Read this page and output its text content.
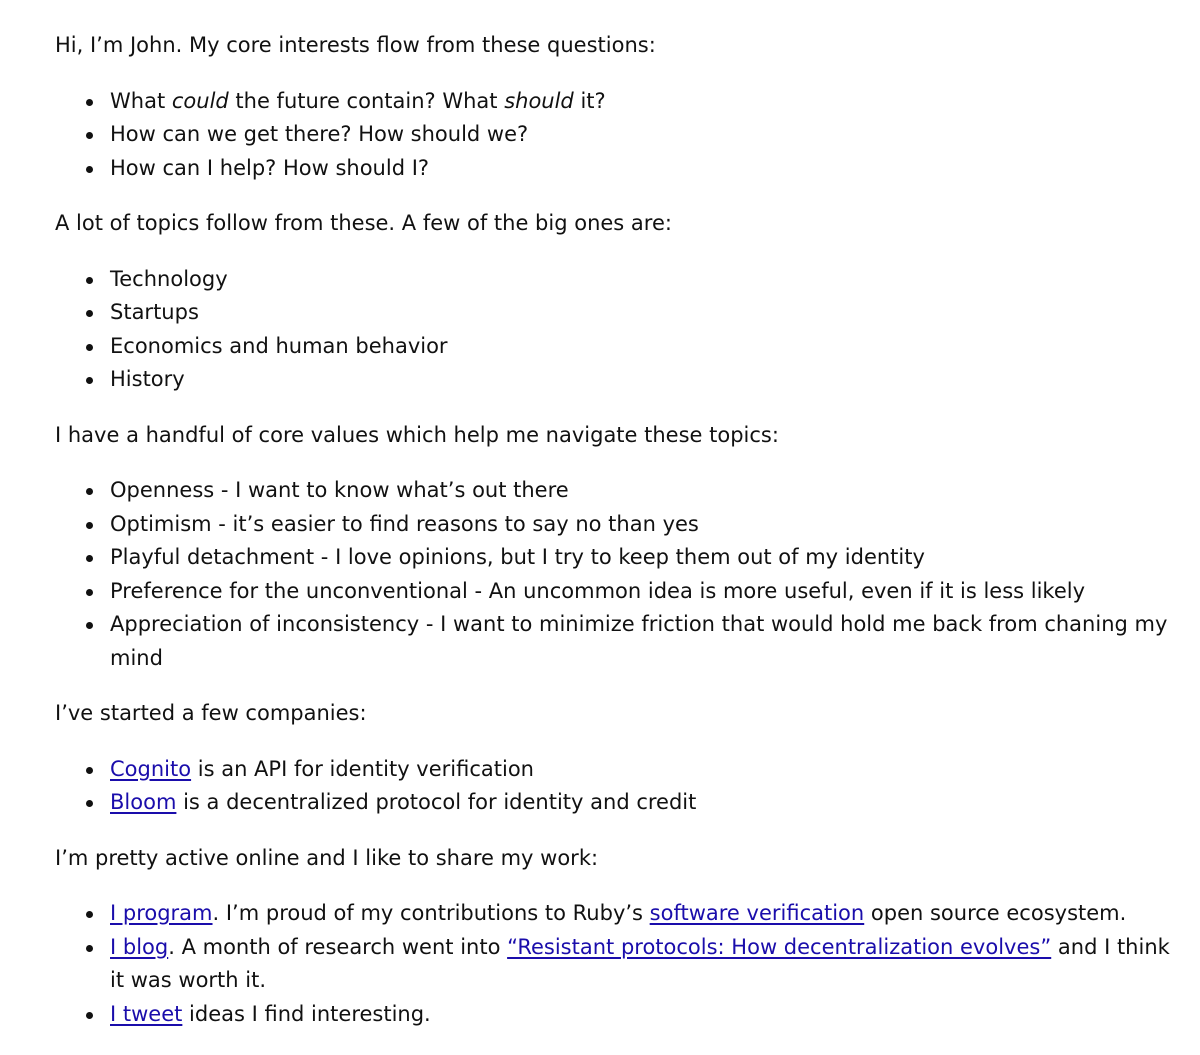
Hi, I’m John. My core interests flow from these questions:

What could the future contain? What should it?
How can we get there? How should we?
How can I help? How should I?

A lot of topics follow from these. A few of the big ones are:

Technology
Startups
Economics and human behavior
History

I have a handful of core values which help me navigate these topics:

Openness - I want to know what’s out there
Optimism - it’s easier to find reasons to say no than yes
Playful detachment - I love opinions, but I try to keep them out of my identity
Preference for the unconventional - An uncommon idea is more useful, even if it is less likely
Appreciation of inconsistency - I want to minimize friction that would hold me back from chaning my mind

I’ve started a few companies:

Cognito is an API for identity verification
Bloom is a decentralized protocol for identity and credit

I’m pretty active online and I like to share my work:

I program. I’m proud of my contributions to Ruby’s software verification open source ecosystem.
I blog. A month of research went into “Resistant protocols: How decentralization evolves” and I think it was worth it.
I tweet ideas I find interesting.
